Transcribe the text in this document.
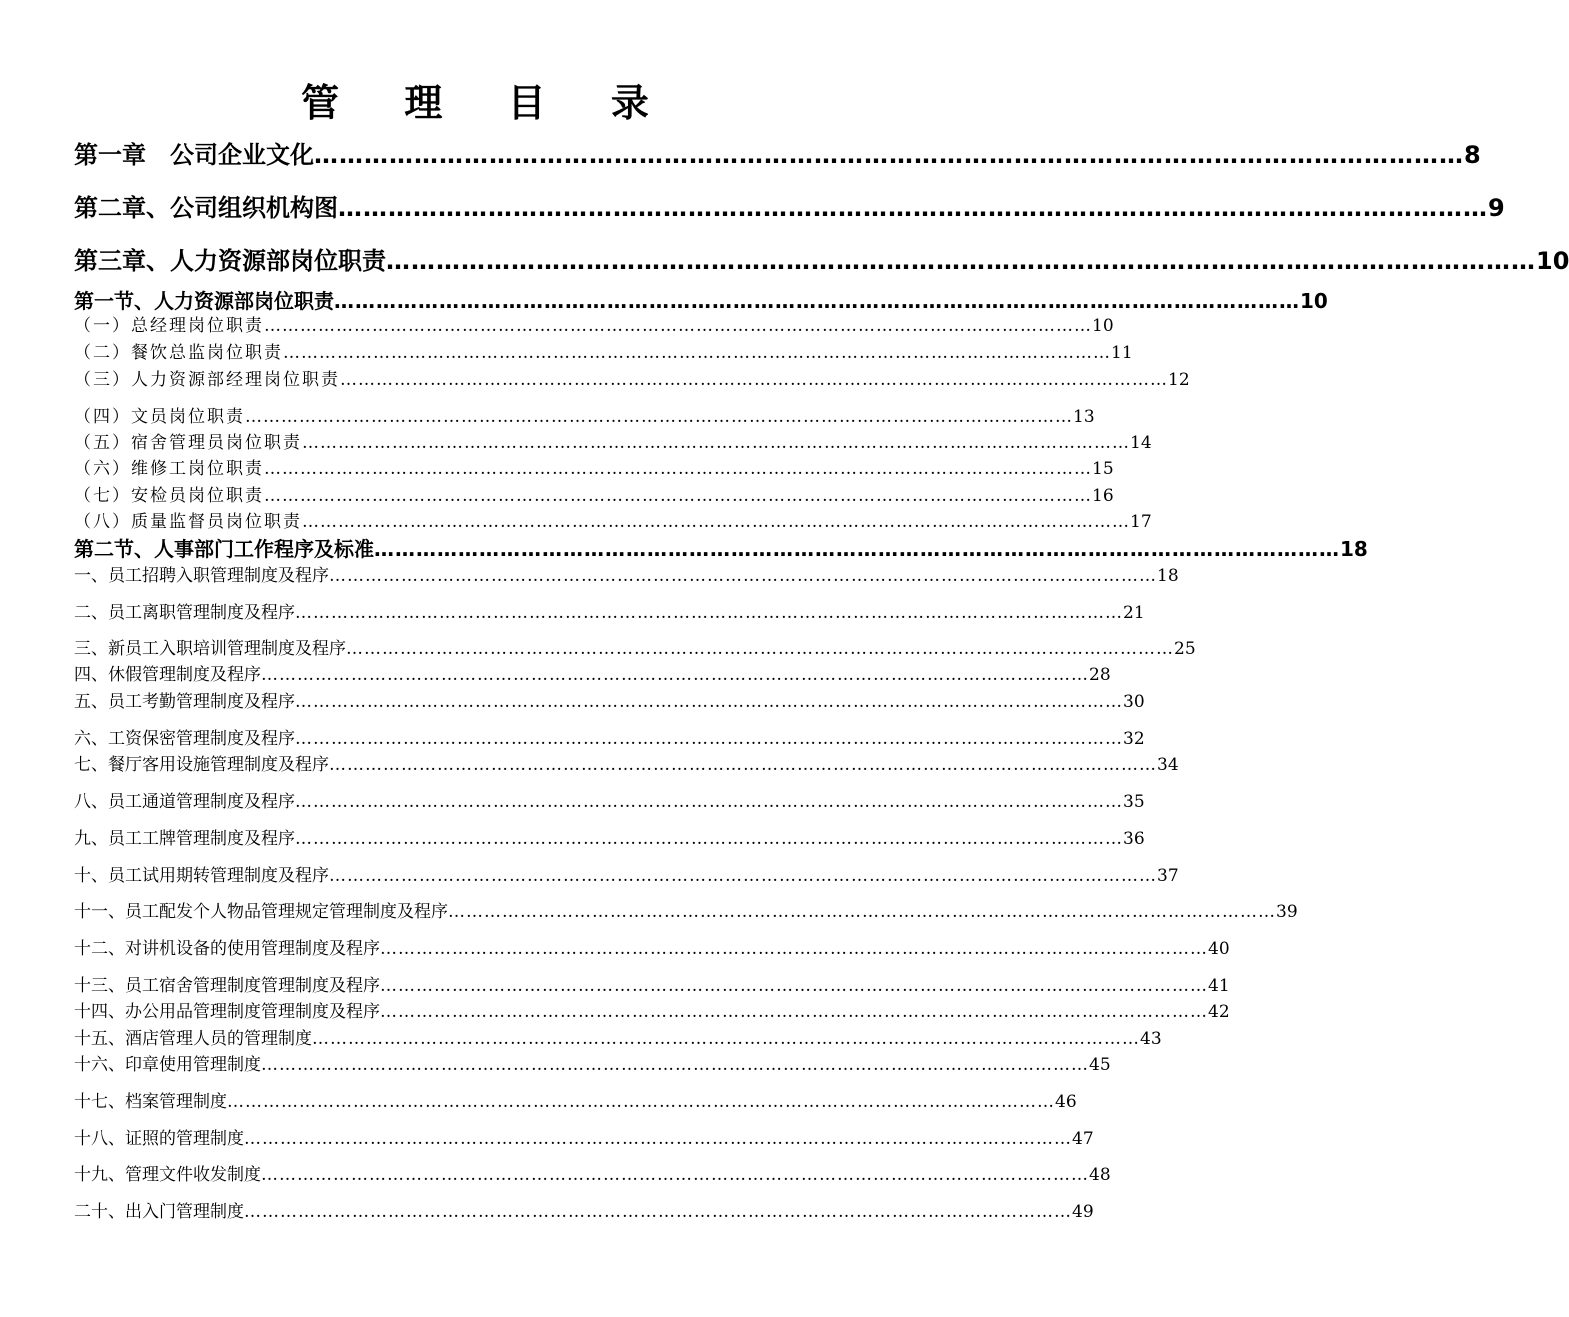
管 理 目 录
第一章　公司企业文化 ………………………………………………………………………………………………………………………… 8
第二章、公司组织机构图 ………………………………………………………………………………………………………………………… 9
第三章、人力资源部岗位职责 ………………………………………………………………………………………………………………………… 10
第一节、人力资源部岗位职责 ………………………………………………………………………………………………………………………… 10
（一）总经理岗位职责 ………………………………………………………………………………………………………………………… 10
（二）餐饮总监岗位职责 ………………………………………………………………………………………………………………………… 11
（三）人力资源部经理岗位职责 ………………………………………………………………………………………………………………………… 12
（四）文员岗位职责 ………………………………………………………………………………………………………………………… 13
（五）宿舍管理员岗位职责 ………………………………………………………………………………………………………………………… 14
（六）维修工岗位职责 ………………………………………………………………………………………………………………………… 15
（七）安检员岗位职责 ………………………………………………………………………………………………………………………… 16
（八）质量监督员岗位职责 ………………………………………………………………………………………………………………………… 17
第二节、人事部门工作程序及标准 ………………………………………………………………………………………………………………………… 18
一、员工招聘入职管理制度及程序 ………………………………………………………………………………………………………………………… 18
二、员工离职管理制度及程序 ………………………………………………………………………………………………………………………… 21
三、新员工入职培训管理制度及程序 ………………………………………………………………………………………………………………………… 25
四、休假管理制度及程序 ………………………………………………………………………………………………………………………… 28
五、员工考勤管理制度及程序 ………………………………………………………………………………………………………………………… 30
六、工资保密管理制度及程序 ………………………………………………………………………………………………………………………… 32
七、餐厅客用设施管理制度及程序 ………………………………………………………………………………………………………………………… 34
八、员工通道管理制度及程序 ………………………………………………………………………………………………………………………… 35
九、员工工牌管理制度及程序 ………………………………………………………………………………………………………………………… 36
十、员工试用期转管理制度及程序 ………………………………………………………………………………………………………………………… 37
十一、员工配发个人物品管理规定管理制度及程序 ………………………………………………………………………………………………………………………… 39
十二、对讲机设备的使用管理制度及程序 ………………………………………………………………………………………………………………………… 40
十三、员工宿舍管理制度管理制度及程序 ………………………………………………………………………………………………………………………… 41
十四、办公用品管理制度管理制度及程序 ………………………………………………………………………………………………………………………… 42
十五、酒店管理人员的管理制度 ………………………………………………………………………………………………………………………… 43
十六、印章使用管理制度 ………………………………………………………………………………………………………………………… 45
十七、档案管理制度 ………………………………………………………………………………………………………………………… 46
十八、证照的管理制度 ………………………………………………………………………………………………………………………… 47
十九、管理文件收发制度 ………………………………………………………………………………………………………………………… 48
二十、出入门管理制度 ………………………………………………………………………………………………………………………… 49
